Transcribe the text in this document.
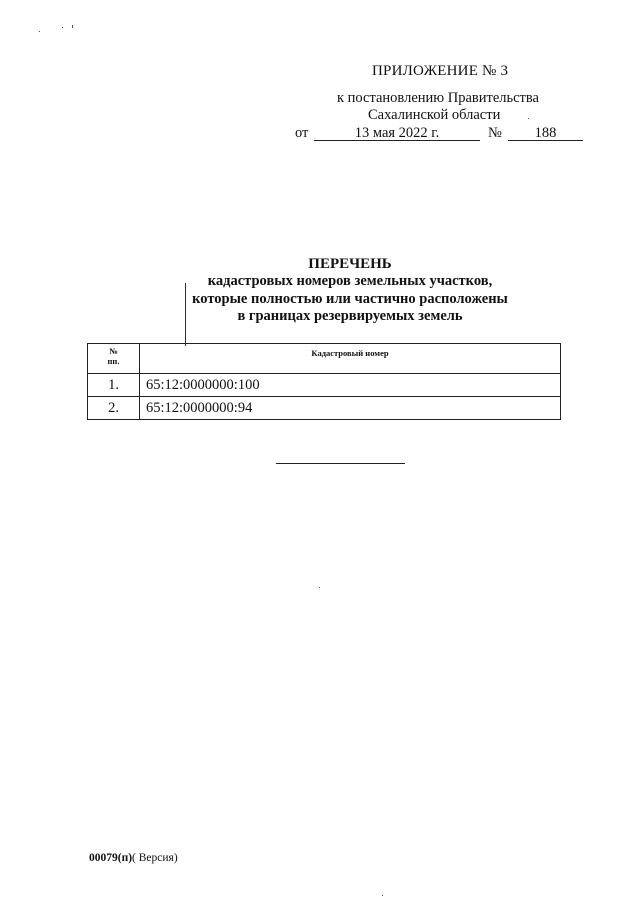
ПРИЛОЖЕНИЕ № 3
к постановлению Правительства
Сахалинской области
от	13 мая 2022 г.	№	188
ПЕРЕЧЕНЬ
кадастровых номеров земельных участков,
которые полностью или частично расположены
в границах резервируемых земель
№
пп.	Кадастровый номер
1.	65:12:0000000:100
2.	65:12:0000000:94
00079(п)( Версия)
